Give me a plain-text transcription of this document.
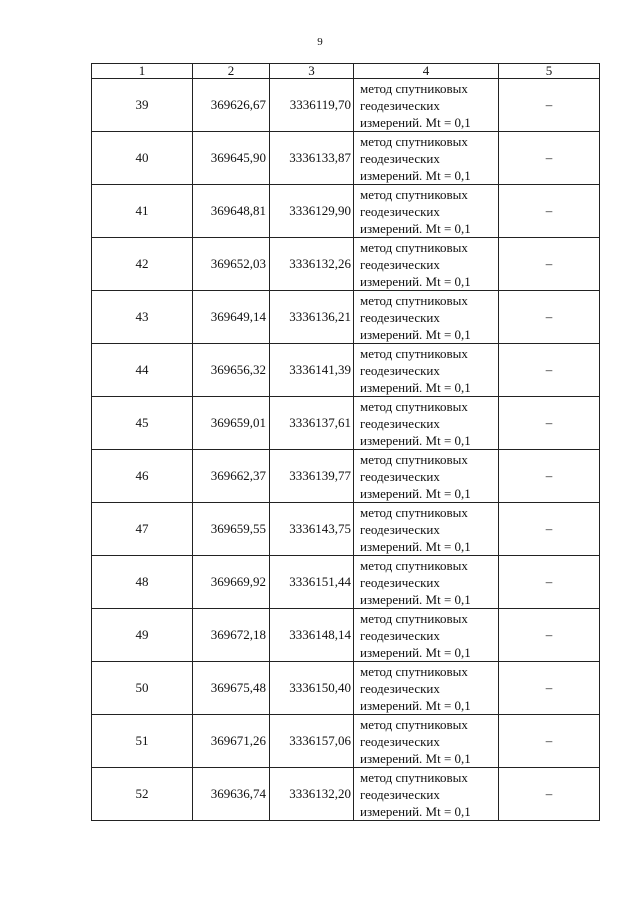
9
1	2	3	4	5
39	369626,67	3336119,70	метод спутниковых
геодезических
измерений. Mt = 0,1	–
40	369645,90	3336133,87	метод спутниковых
геодезических
измерений. Mt = 0,1	–
41	369648,81	3336129,90	метод спутниковых
геодезических
измерений. Mt = 0,1	–
42	369652,03	3336132,26	метод спутниковых
геодезических
измерений. Mt = 0,1	–
43	369649,14	3336136,21	метод спутниковых
геодезических
измерений. Mt = 0,1	–
44	369656,32	3336141,39	метод спутниковых
геодезических
измерений. Mt = 0,1	–
45	369659,01	3336137,61	метод спутниковых
геодезических
измерений. Mt = 0,1	–
46	369662,37	3336139,77	метод спутниковых
геодезических
измерений. Mt = 0,1	–
47	369659,55	3336143,75	метод спутниковых
геодезических
измерений. Mt = 0,1	–
48	369669,92	3336151,44	метод спутниковых
геодезических
измерений. Mt = 0,1	–
49	369672,18	3336148,14	метод спутниковых
геодезических
измерений. Mt = 0,1	–
50	369675,48	3336150,40	метод спутниковых
геодезических
измерений. Mt = 0,1	–
51	369671,26	3336157,06	метод спутниковых
геодезических
измерений. Mt = 0,1	–
52	369636,74	3336132,20	метод спутниковых
геодезических
измерений. Mt = 0,1	–
